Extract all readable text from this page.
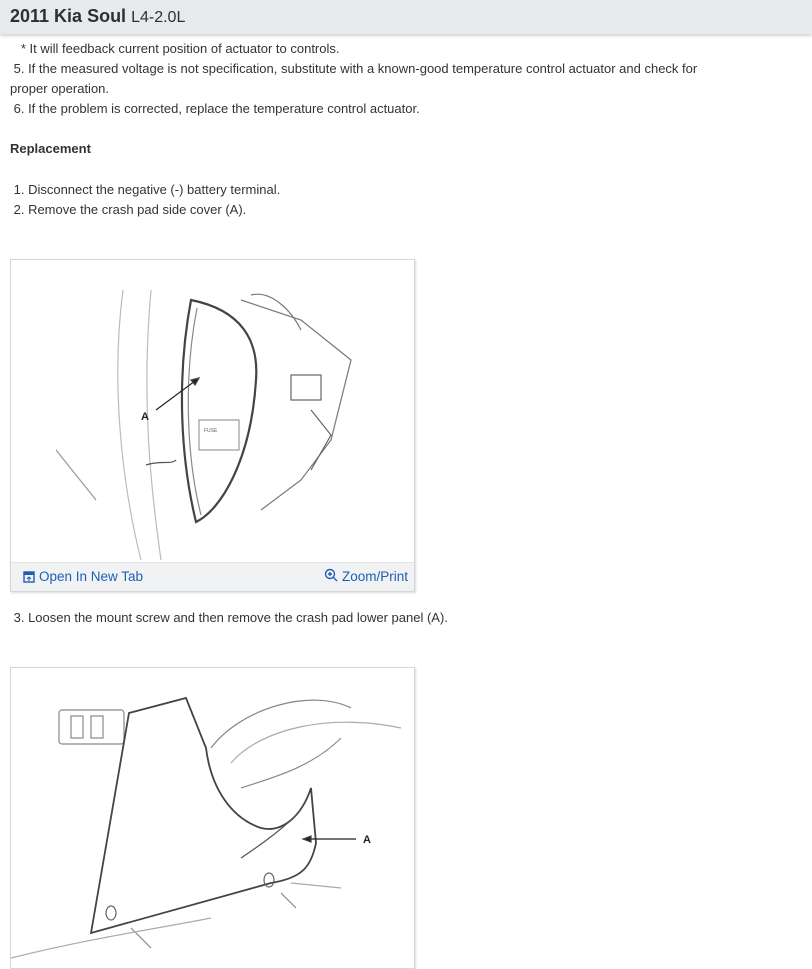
2011 Kia Soul L4-2.0L
* It will feedback current position of actuator to controls.
5. If the measured voltage is not specification, substitute with a known-good temperature control actuator and check for
proper operation.
6. If the problem is corrected, replace the temperature control actuator.
Replacement
1. Disconnect the negative (-) battery terminal.
2. Remove the crash pad side cover (A).
A
FUSE
Open In New Tab	Zoom/Print
3. Loosen the mount screw and then remove the crash pad lower panel (A).
A
